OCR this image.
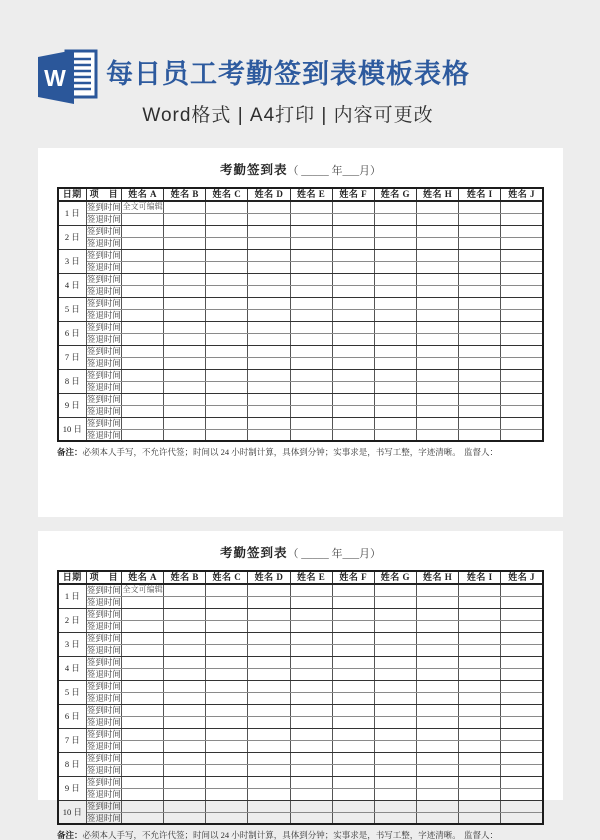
W	每日员工考勤签到表模板表格
Word格式 | A4打印 | 内容可更改
考勤签到表（ _____ 年___月）
日期	项　目	姓名 A	姓名 B	姓名 C	姓名 D	姓名 E	姓名 F	姓名 G	姓名 H	姓名 I	姓名 J
1 日	签到时间	全文可编辑									
	签退时间										
2 日	签到时间										
	签退时间										
3 日	签到时间										
	签退时间										
4 日	签到时间										
	签退时间										
5 日	签到时间										
	签退时间										
6 日	签到时间										
	签退时间										
7 日	签到时间										
	签退时间										
8 日	签到时间										
	签退时间										
9 日	签到时间										
	签退时间										
10 日	签到时间										
	签退时间										
备注： 必须本人手写，不允许代签；时间以 24 小时制计算，具体到分钟；实事求是，书写工整，字迹清晰。 监督人：
考勤签到表（ _____ 年___月）
日期	项　目	姓名 A	姓名 B	姓名 C	姓名 D	姓名 E	姓名 F	姓名 G	姓名 H	姓名 I	姓名 J
1 日	签到时间	全文可编辑									
	签退时间										
2 日	签到时间										
	签退时间										
3 日	签到时间										
	签退时间										
4 日	签到时间										
	签退时间										
5 日	签到时间										
	签退时间										
6 日	签到时间										
	签退时间										
7 日	签到时间										
	签退时间										
8 日	签到时间										
	签退时间										
9 日	签到时间										
	签退时间										
10 日	签到时间										
	签退时间										
备注： 必须本人手写，不允许代签；时间以 24 小时制计算，具体到分钟；实事求是，书写工整，字迹清晰。 监督人：
